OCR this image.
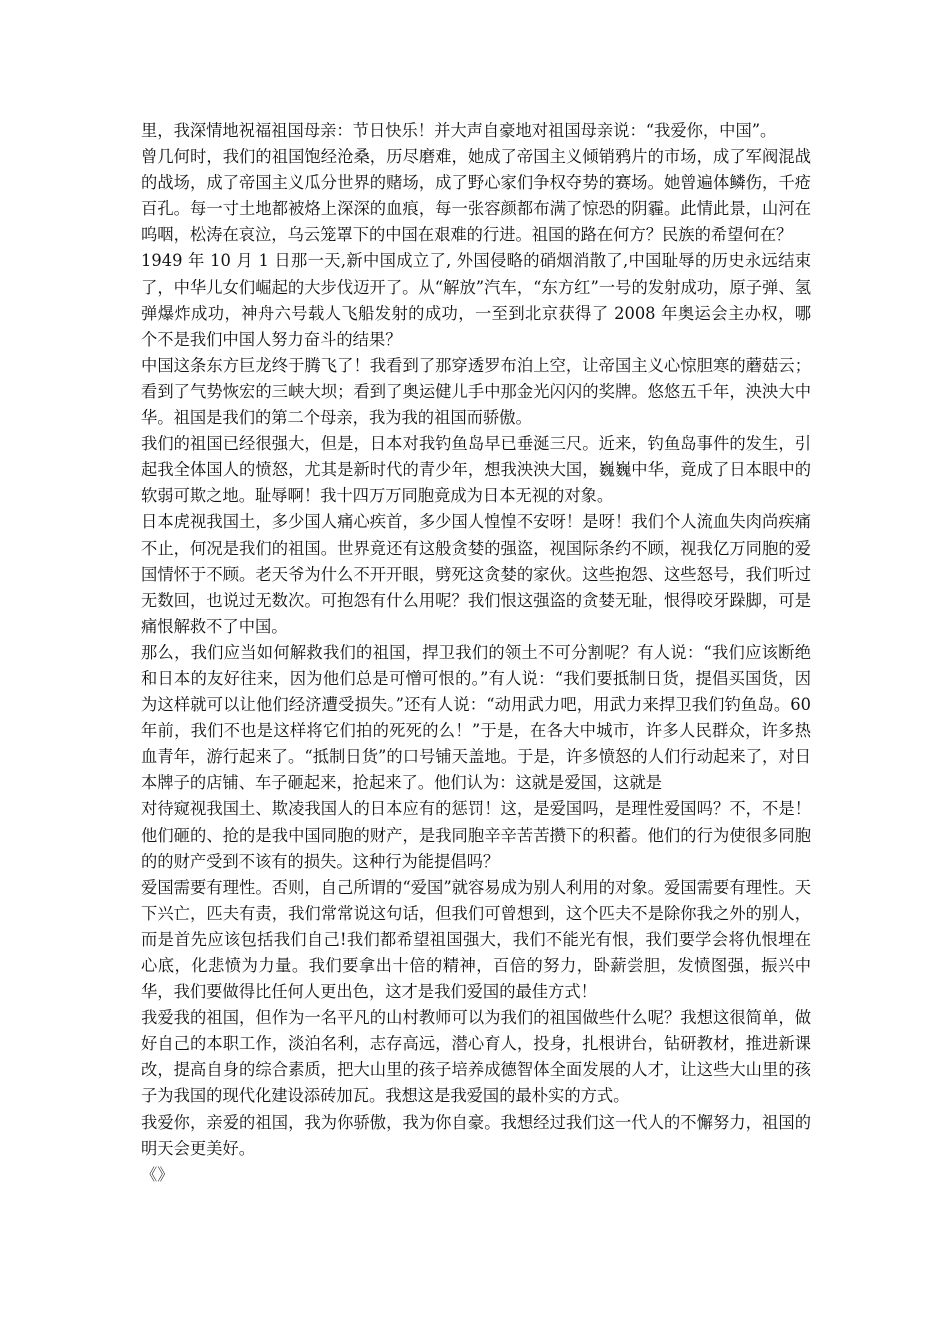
里，我深情地祝福祖国母亲：节日快乐！并大声自豪地对祖国母亲说：“我爱你，中国”。

曾几何时，我们的祖国饱经沧桑，历尽磨难，她成了帝国主义倾销鸦片的市场，成了军阀混战的战场，成了帝国主义瓜分世界的赌场，成了野心家们争权夺势的赛场。她曾遍体鳞伤，千疮百孔。每一寸土地都被烙上深深的血痕，每一张容颜都布满了惊恐的阴霾。此情此景，山河在呜咽，松涛在哀泣，乌云笼罩下的中国在艰难的行进。祖国的路在何方？民族的希望何在？

1949 年 10 月 1 日那一天,新中国成立了, 外国侵略的硝烟消散了,中国耻辱的历史永远结束了，中华儿女们崛起的大步伐迈开了。从“解放”汽车，“东方红”一号的发射成功，原子弹、氢弹爆炸成功，神舟六号载人飞船发射的成功，一至到北京获得了 2008 年奥运会主办权，哪个不是我们中国人努力奋斗的结果？

中国这条东方巨龙终于腾飞了！我看到了那穿透罗布泊上空，让帝国主义心惊胆寒的蘑菇云；看到了气势恢宏的三峡大坝；看到了奥运健儿手中那金光闪闪的奖牌。悠悠五千年，泱泱大中华。祖国是我们的第二个母亲，我为我的祖国而骄傲。

我们的祖国已经很强大，但是，日本对我钓鱼岛早已垂涎三尺。近来，钓鱼岛事件的发生，引起我全体国人的愤怒，尤其是新时代的青少年，想我泱泱大国，巍巍中华，竟成了日本眼中的软弱可欺之地。耻辱啊！我十四万万同胞竟成为日本无视的对象。

日本虎视我国土，多少国人痛心疾首，多少国人惶惶不安呀！是呀！我们个人流血失肉尚疾痛不止，何况是我们的祖国。世界竟还有这般贪婪的强盗，视国际条约不顾，视我亿万同胞的爱国情怀于不顾。老天爷为什么不开开眼，劈死这贪婪的家伙。这些抱怨、这些怒号，我们听过无数回，也说过无数次。可抱怨有什么用呢？我们恨这强盗的贪婪无耻，恨得咬牙跺脚，可是痛恨解救不了中国。

那么，我们应当如何解救我们的祖国，捍卫我们的领土不可分割呢？有人说：“我们应该断绝和日本的友好往来，因为他们总是可憎可恨的。”有人说：“我们要抵制日货，提倡买国货，因为这样就可以让他们经济遭受损失。”还有人说：“动用武力吧，用武力来捍卫我们钓鱼岛。60 年前，我们不也是这样将它们拍的死死的么！”于是，在各大中城市，许多人民群众，许多热血青年，游行起来了。“抵制日货”的口号铺天盖地。于是，许多愤怒的人们行动起来了，对日本牌子的店铺、车子砸起来，抢起来了。他们认为：这就是爱国，这就是

对待窥视我国土、欺凌我国人的日本应有的惩罚！这，是爱国吗，是理性爱国吗？不，不是！他们砸的、抢的是我中国同胞的财产，是我同胞辛辛苦苦攒下的积蓄。他们的行为使很多同胞的的财产受到不该有的损失。这种行为能提倡吗？

爱国需要有理性。否则，自己所谓的“爱国”就容易成为别人利用的对象。爱国需要有理性。天下兴亡，匹夫有责，我们常常说这句话，但我们可曾想到，这个匹夫不是除你我之外的别人，而是首先应该包括我们自己!我们都希望祖国强大，我们不能光有恨，我们要学会将仇恨埋在心底，化悲愤为力量。我们要拿出十倍的精神，百倍的努力，卧薪尝胆，发愤图强，振兴中华，我们要做得比任何人更出色，这才是我们爱国的最佳方式！

我爱我的祖国，但作为一名平凡的山村教师可以为我们的祖国做些什么呢？我想这很简单，做好自己的本职工作，淡泊名利，志存高远，潜心育人，投身，扎根讲台，钻研教材，推进新课改，提高自身的综合素质，把大山里的孩子培养成德智体全面发展的人才，让这些大山里的孩子为我国的现代化建设添砖加瓦。我想这是我爱国的最朴实的方式。

我爱你，亲爱的祖国，我为你骄傲，我为你自豪。我想经过我们这一代人的不懈努力，祖国的明天会更美好。

《》
